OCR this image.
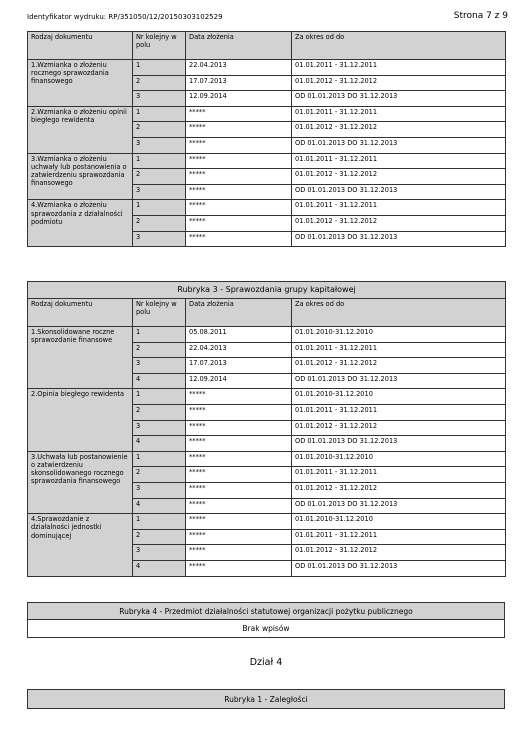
Identyfikator wydruku: RP/351050/12/20150303102529	Strona 7 z 9
Rodzaj dokumentu	Nr kolejny w polu	Data złożenia	Za okres od do
1.Wzmianka o złożeniu rocznego sprawozdania finansowego	1	22.04.2013	01.01.2011 - 31.12.2011
	2	17.07.2013	01.01.2012 - 31.12.2012
	3	12.09.2014	OD 01.01.2013 DO 31.12.2013
2.Wzmianka o złożeniu opinii biegłego rewidenta	1	*****	01.01.2011 - 31.12.2011
	2	*****	01.01.2012 - 31.12.2012
	3	*****	OD 01.01.2013 DO 31.12.2013
3.Wzmianka o złożeniu uchwały lub postanowienia o zatwierdzeniu sprawozdania finansowego	1	*****	01.01.2011 - 31.12.2011
	2	*****	01.01.2012 - 31.12.2012
	3	*****	OD 01.01.2013 DO 31.12.2013
4.Wzmianka o złożeniu sprawozdania z działalności podmiotu	1	*****	01.01.2011 - 31.12.2011
	2	*****	01.01.2012 - 31.12.2012
	3	*****	OD 01.01.2013 DO 31.12.2013
Rubryka 3 - Sprawozdania grupy kapitałowej			
Rodzaj dokumentu	Nr kolejny w polu	Data złożenia	Za okres od do
1.Skonsolidowane roczne sprawozdanie finansowe	1	05.08.2011	01.01.2010-31.12.2010
	2	22.04.2013	01.01.2011 - 31.12.2011
	3	17.07.2013	01.01.2012 - 31.12.2012
	4	12.09.2014	OD 01.01.2013 DO 31.12.2013
2.Opinia biegłego rewidenta	1	*****	01.01.2010-31.12.2010
	2	*****	01.01.2011 - 31.12.2011
	3	*****	01.01.2012 - 31.12.2012
	4	*****	OD 01.01.2013 DO 31.12.2013
3.Uchwała lub postanowienie o zatwierdzeniu skonsolidowanego rocznego sprawozdania finansowego	1	*****	01.01.2010-31.12.2010
	2	*****	01.01.2011 - 31.12.2011
	3	*****	01.01.2012 - 31.12.2012
	4	*****	OD 01.01.2013 DO 31.12.2013
4.Sprawozdanie z działalności jednostki dominującej	1	*****	01.01.2010-31.12.2010
	2	*****	01.01.2011 - 31.12.2011
	3	*****	01.01.2012 - 31.12.2012
	4	*****	OD 01.01.2013 DO 31.12.2013
Rubryka 4 - Przedmiot działalności statutowej organizacji pożytku publicznego
Brak wpisów
Dział 4
Rubryka 1 - Zaległości
